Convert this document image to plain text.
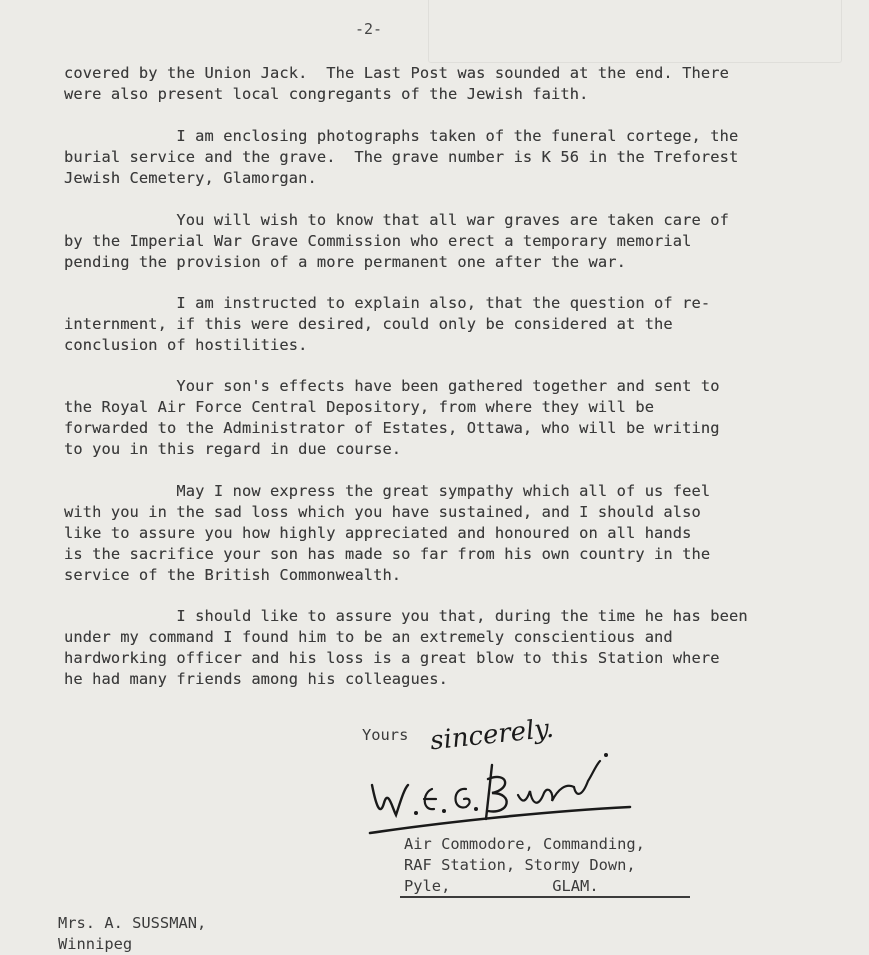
-2-
covered by the Union Jack.  The Last Post was sounded at the end. There
were also present local congregants of the Jewish faith.
I am enclosing photographs taken of the funeral cortege, the
burial service and the grave.  The grave number is K 56 in the Treforest
Jewish Cemetery, Glamorgan.
You will wish to know that all war graves are taken care of
by the Imperial War Grave Commission who erect a temporary memorial
pending the provision of a more permanent one after the war.
I am instructed to explain also, that the question of re-
internment, if this were desired, could only be considered at the
conclusion of hostilities.
Your son's effects have been gathered together and sent to
the Royal Air Force Central Depository, from where they will be
forwarded to the Administrator of Estates, Ottawa, who will be writing
to you in this regard in due course.
May I now express the great sympathy which all of us feel
with you in the sad loss which you have sustained, and I should also
like to assure you how highly appreciated and honoured on all hands
is the sacrifice your son has made so far from his own country in the
service of the British Commonwealth.
I should like to assure you that, during the time he has been
under my command I found him to be an extremely conscientious and
hardworking officer and his loss is a great blow to this Station where
he had many friends among his colleagues.
Yours sincerely.
Air Commodore, Commanding,
RAF Station, Stormy Down,
Pyle,           GLAM.
Mrs. A. SUSSMAN,
Winnipeg
